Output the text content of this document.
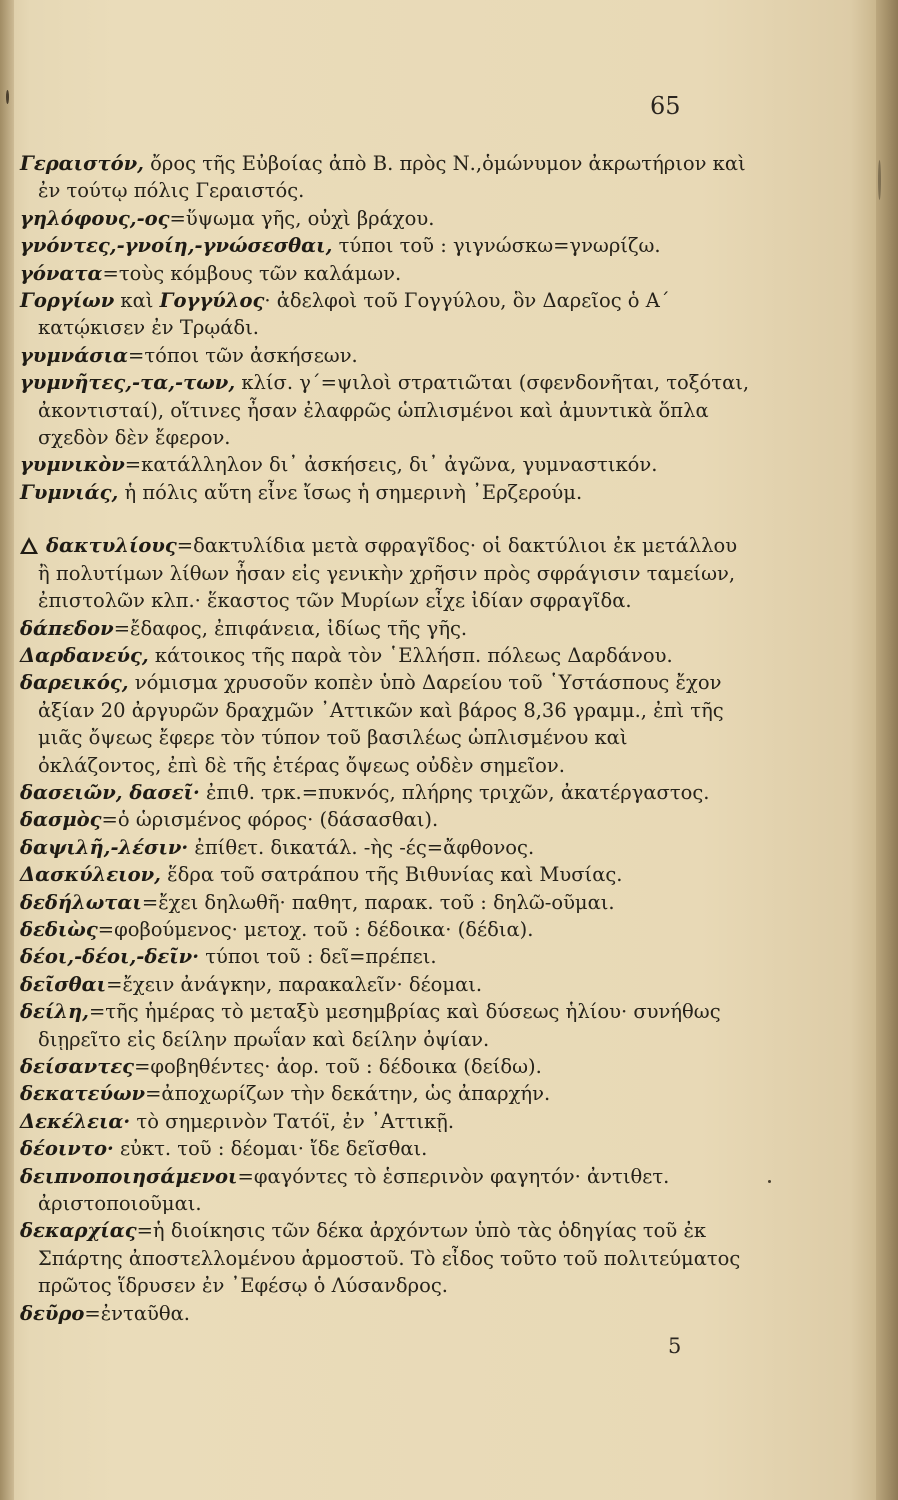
65

Γεραιστόν, ὄρος τῆς Εὐβοίας ἀπὸ Β. πρὸς Ν.,ὁμώνυμον ἀκρωτήριον καὶ ἐν τούτῳ πόλις Γεραιστός.

γηλόφους,-ος=ὕψωμα γῆς, οὐχὶ βράχου.

γνόντες,-γνοίη,-γνώσεσθαι, τύποι τοῦ : γιγνώσκω=γνωρίζω.

γόνατα=τοὺς κόμβους τῶν καλάμων.

Γοργίων καὶ Γογγύλος· ἀδελφοὶ τοῦ Γογγύλου, ὃν Δαρεῖος ὁ Α΄ κατῴκισεν ἐν Τρῳάδι.

γυμνάσια=τόποι τῶν ἀσκήσεων.

γυμνῆτες,-τα,-των, κλίσ. γ΄=ψιλοὶ στρατιῶται (σφενδονῆται, τοξόται, ἀκοντισταί), οἵτινες ἦσαν ἐλαφρῶς ὡπλισμένοι καὶ ἀμυντικὰ ὅπλα σχεδὸν δὲν ἔφερον.

γυμνικὸν=κατάλληλον δι᾿ ἀσκήσεις, δι᾿ ἀγῶνα, γυμναστικόν.

Γυμνιάς, ἡ πόλις αὕτη εἶνε ἴσως ἡ σημερινὴ ᾿Ερζερούμ.

δακτυλίους=δακτυλίδια μετὰ σφραγῖδος· οἱ δακτύλιοι ἐκ μετάλλου ἢ πολυτίμων λίθων ἦσαν εἰς γενικὴν χρῆσιν πρὸς σφράγισιν ταμείων, ἐπιστολῶν κλπ.· ἕκαστος τῶν Μυρίων εἶχε ἰδίαν σφραγῖδα.

δάπεδον=ἔδαφος, ἐπιφάνεια, ἰδίως τῆς γῆς.

Δαρδανεύς, κάτοικος τῆς παρὰ τὸν ῾Ελλήσπ. πόλεως Δαρδάνου.

δαρεικός, νόμισμα χρυσοῦν κοπὲν ὑπὸ Δαρείου τοῦ ῾Υστάσπους ἔχον ἀξίαν 20 ἀργυρῶν δραχμῶν ᾿Αττικῶν καὶ βάρος 8,36 γραμμ., ἐπὶ τῆς μιᾶς ὄψεως ἔφερε τὸν τύπον τοῦ βασιλέως ὡπλισμένου καὶ ὀκλάζοντος, ἐπὶ δὲ τῆς ἑτέρας ὄψεως οὐδὲν σημεῖον.

δασειῶν, δασεῖ· ἐπιθ. τρκ.=πυκνός, πλήρης τριχῶν, ἀκατέργαστος.

δασμὸς=ὁ ὡρισμένος φόρος· (δάσασθαι).

δαψιλῆ,-λέσιν· ἐπίθετ. δικατάλ. -ὴς -ές=ἄφθονος.

Δασκύλειον, ἕδρα τοῦ σατράπου τῆς Βιθυνίας καὶ Μυσίας.

δεδήλωται=ἔχει δηλωθῆ· παθητ, παρακ. τοῦ : δηλῶ-οῦμαι.

δεδιὼς=φοβούμενος· μετοχ. τοῦ : δέδοικα· (δέδια).

δέοι,-δέοι,-δεῖν· τύποι τοῦ : δεῖ=πρέπει.

δεῖσθαι=ἔχειν ἀνάγκην, παρακαλεῖν· δέομαι.

δείλη,=τῆς ἡμέρας τὸ μεταξὺ μεσημβρίας καὶ δύσεως ἡλίου· συνήθως διῃρεῖτο εἰς δείλην πρωΐαν καὶ δείλην ὀψίαν.

δείσαντες=φοβηθέντες· ἀορ. τοῦ : δέδοικα (δείδω).

δεκατεύων=ἀποχωρίζων τὴν δεκάτην, ὡς ἀπαρχήν.

Δεκέλεια· τὸ σημερινὸν Τατόϊ, ἐν ᾿Αττικῇ.

δέοιντο· εὐκτ. τοῦ : δέομαι· ἴδε δεῖσθαι.

δειπνοποιησάμενοι=φαγόντες τὸ ἑσπερινὸν φαγητόν· ἀντιθετ. ἀριστοποιοῦμαι.

δεκαρχίας=ἡ διοίκησις τῶν δέκα ἀρχόντων ὑπὸ τὰς ὁδηγίας τοῦ ἐκ Σπάρτης ἀποστελλομένου ἁρμοστοῦ. Τὸ εἶδος τοῦτο τοῦ πολιτεύματος πρῶτος ἵδρυσεν ἐν ᾿Εφέσῳ ὁ Λύσανδρος.

δεῦρο=ἐνταῦθα.

5
